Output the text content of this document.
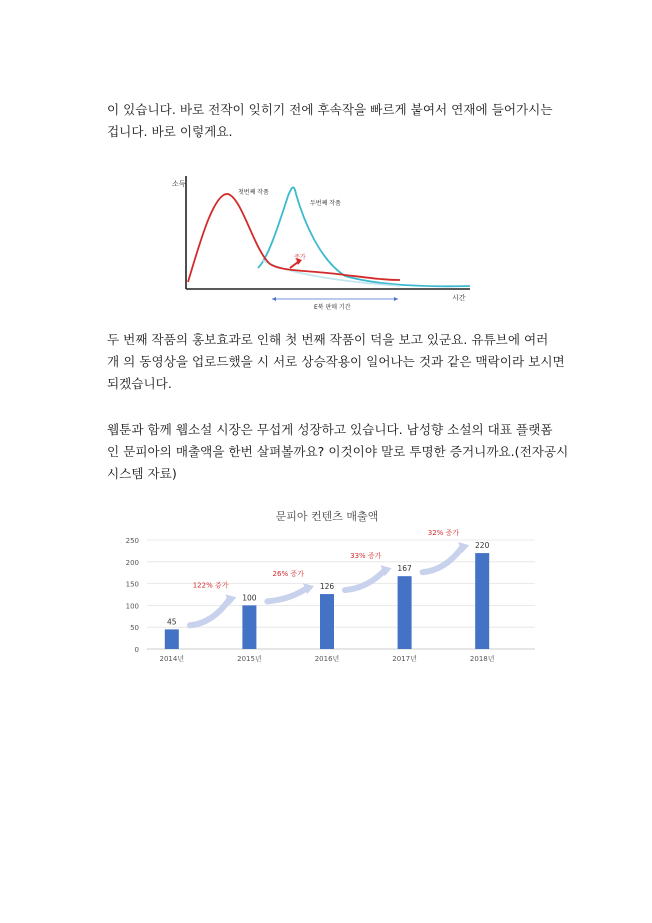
이 있습니다. 바로 전작이 잊히기 전에 후속작을 빠르게 붙여서 연재에 들어가시는
겁니다. 바로 이렇게요.

소득
시간
첫번째 작품
두번째 작품
증가
E북 판매 기간

두 번째 작품의 홍보효과로 인해 첫 번째 작품이 덕을 보고 있군요. 유튜브에 여러
개 의 동영상을 업로드했을 시 서로 상승작용이 일어나는 것과 같은 맥락이라 보시면
되겠습니다.

웹툰과 함께 웹소설 시장은 무섭게 성장하고 있습니다. 남성향 소설의 대표 플랫폼
인 문피아의 매출액을 한번 살펴볼까요? 이것이야 말로 투명한 증거니까요.(전자공시
시스템 자료)

문피아 컨텐츠 매출액
0
50
100
150
200
250
45
2014년
100
2015년
126
2016년
167
2017년
220
2018년
122% 증가
26% 증가
33% 증가
32% 증가
